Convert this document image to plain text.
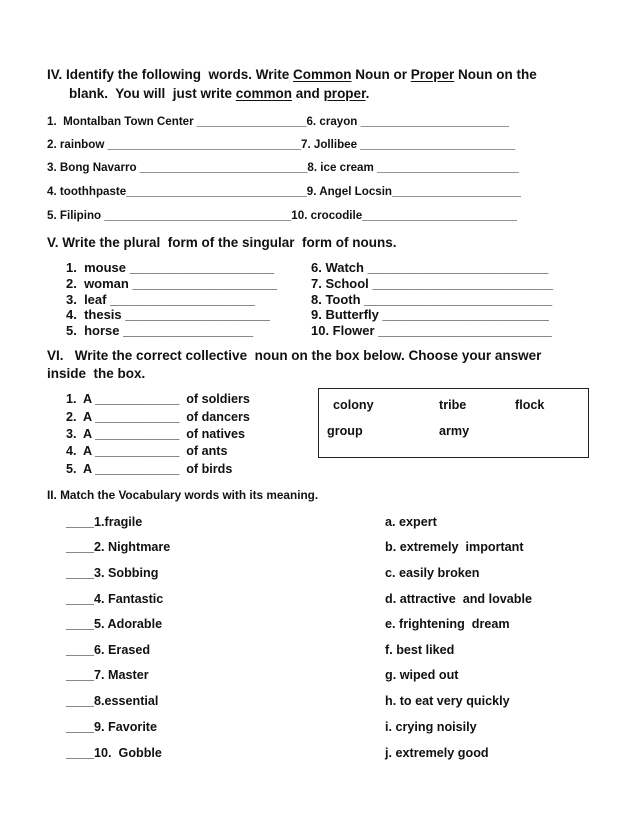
IV. Identify the following  words. Write Common Noun or Proper Noun on the
blank.  You will  just write common and proper.
1.  Montalban Town Center _________________6. crayon _______________________
2. rainbow ______________________________7. Jollibee ________________________
3. Bong Navarro __________________________8. ice cream ______________________
4. toothhpaste____________________________9. Angel Locsin____________________
5. Filipino _____________________________10. crocodile________________________
V. Write the plural  form of the singular  form of nouns.
1.  mouse ____________________
2.  woman ____________________
3.  leaf ____________________
4.  thesis ____________________
5.  horse __________________
6. Watch _________________________
7. School _________________________
8. Tooth __________________________
9. Butterfly _______________________
10. Flower ________________________
VI.   Write the correct collective  noun on the box below. Choose your answer
inside  the box.
1.  A ____________  of soldiers
2.  A ____________  of dancers
3.  A ____________  of natives
4.  A ____________  of ants
5.  A ____________  of birds
colony	tribe	flock
group	army
II. Match the Vocabulary words with its meaning.
____1.fragile
____2. Nightmare
____3. Sobbing
____4. Fantastic
____5. Adorable
____6. Erased
____7. Master
____8.essential
____9. Favorite
____10.  Gobble
a. expert
b. extremely  important
c. easily broken
d. attractive  and lovable
e. frightening  dream
f. best liked
g. wiped out
h. to eat very quickly
i. crying noisily
j. extremely good
